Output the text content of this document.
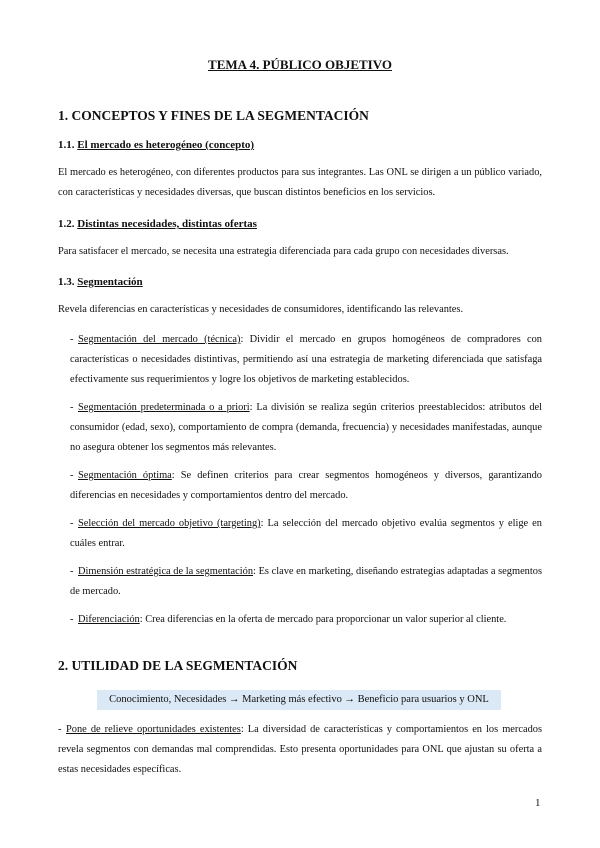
TEMA 4. PÚBLICO OBJETIVO
1. CONCEPTOS Y FINES DE LA SEGMENTACIÓN
1.1. El mercado es heterogéneo (concepto)
El mercado es heterogéneo, con diferentes productos para sus integrantes. Las ONL se dirigen a un público variado, con características y necesidades diversas, que buscan distintos beneficios en los servicios.
1.2. Distintas necesidades, distintas ofertas
Para satisfacer el mercado, se necesita una estrategia diferenciada para cada grupo con necesidades diversas.
1.3. Segmentación
Revela diferencias en características y necesidades de consumidores, identificando las relevantes.
- Segmentación del mercado (técnica): Dividir el mercado en grupos homogéneos de compradores con características o necesidades distintivas, permitiendo así una estrategia de marketing diferenciada que satisfaga efectivamente sus requerimientos y logre los objetivos de marketing establecidos.
- Segmentación predeterminada o a priori: La división se realiza según criterios preestablecidos: atributos del consumidor (edad, sexo), comportamiento de compra (demanda, frecuencia) y necesidades manifestadas, aunque no asegura obtener los segmentos más relevantes.
- Segmentación óptima: Se definen criterios para crear segmentos homogéneos y diversos, garantizando diferencias en necesidades y comportamientos dentro del mercado.
- Selección del mercado objetivo (targeting): La selección del mercado objetivo evalúa segmentos y elige en cuáles entrar.
- Dimensión estratégica de la segmentación: Es clave en marketing, diseñando estrategias adaptadas a segmentos de mercado.
- Diferenciación: Crea diferencias en la oferta de mercado para proporcionar un valor superior al cliente.
2. UTILIDAD DE LA SEGMENTACIÓN
Conocimiento, Necesidades → Marketing más efectivo → Beneficio para usuarios y ONL
- Pone de relieve oportunidades existentes: La diversidad de características y comportamientos en los mercados revela segmentos con demandas mal comprendidas. Esto presenta oportunidades para ONL que ajustan su oferta a estas necesidades específicas.
1
